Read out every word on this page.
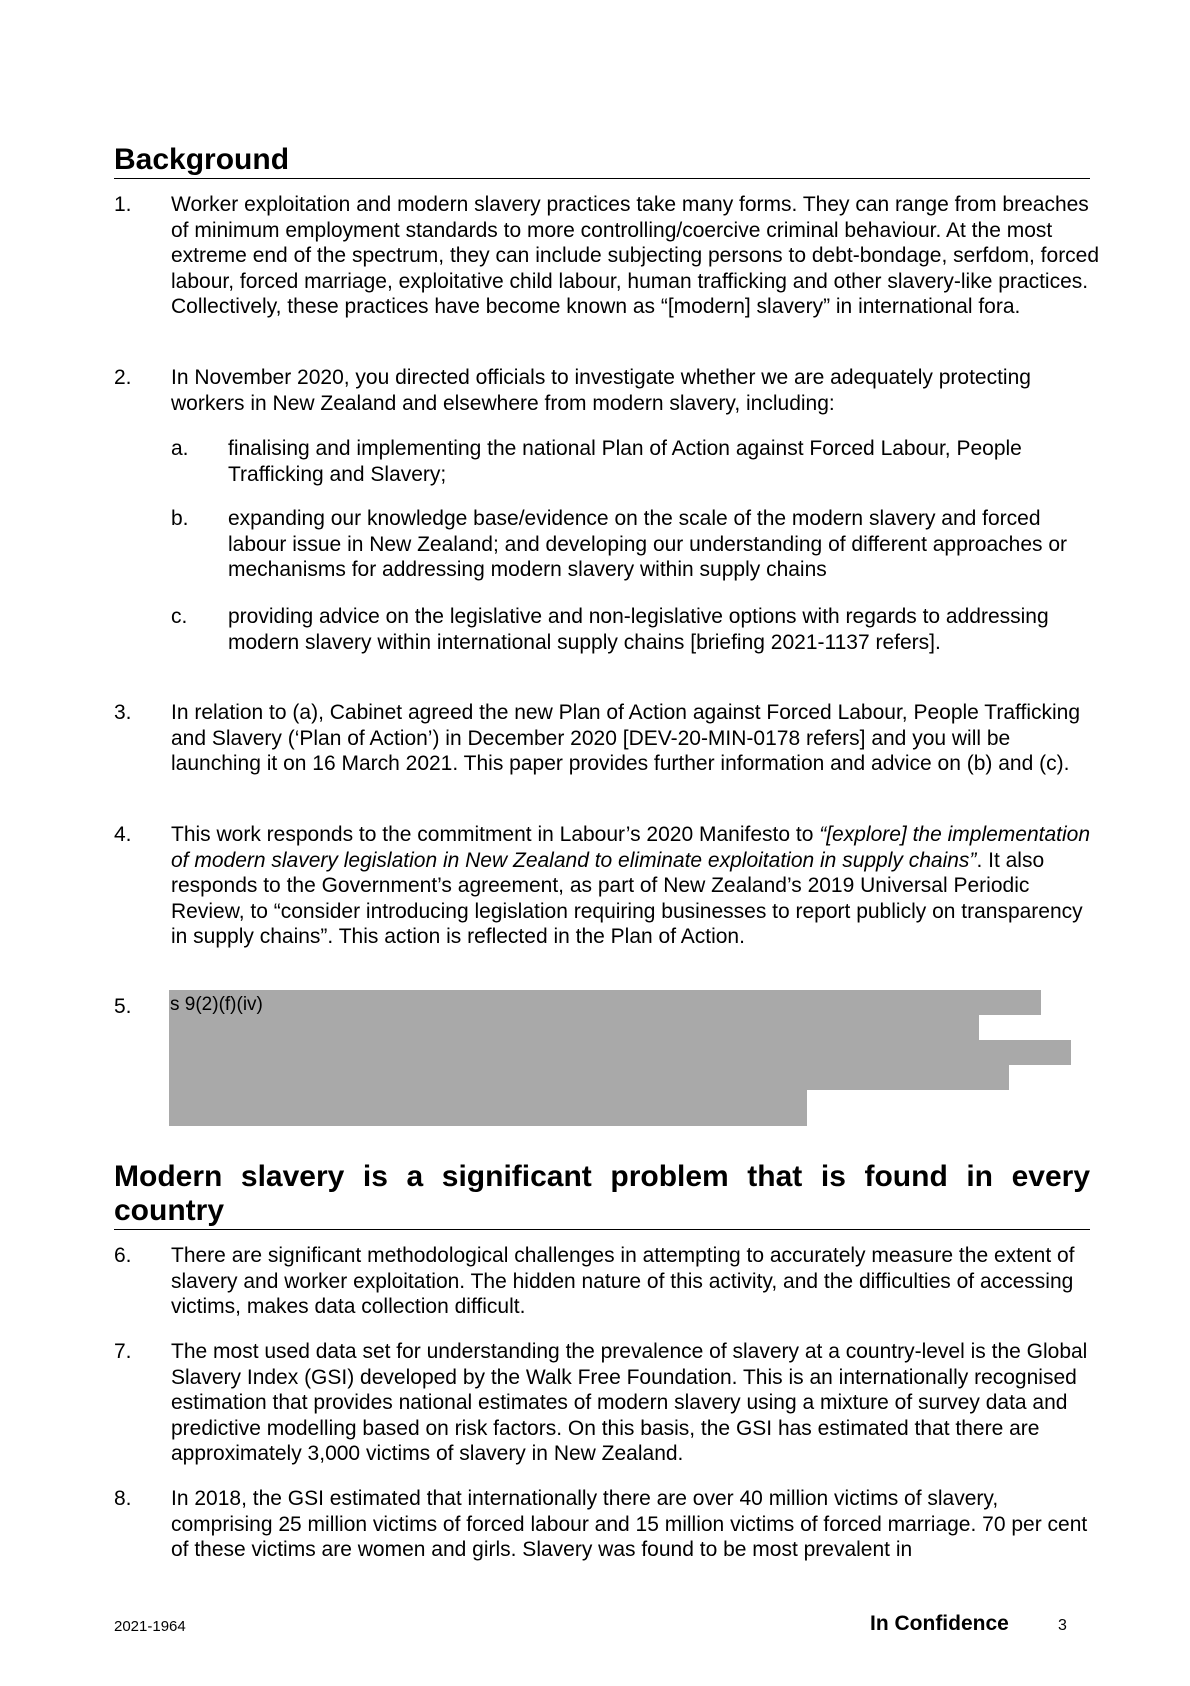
Background
1. Worker exploitation and modern slavery practices take many forms. They can range from breaches of minimum employment standards to more controlling/coercive criminal behaviour. At the most extreme end of the spectrum, they can include subjecting persons to debt-bondage, serfdom, forced labour, forced marriage, exploitative child labour, human trafficking and other slavery-like practices. Collectively, these practices have become known as “[modern] slavery” in international fora.
2. In November 2020, you directed officials to investigate whether we are adequately protecting workers in New Zealand and elsewhere from modern slavery, including:
a. finalising and implementing the national Plan of Action against Forced Labour, People Trafficking and Slavery;
b. expanding our knowledge base/evidence on the scale of the modern slavery and forced labour issue in New Zealand; and developing our understanding of different approaches or mechanisms for addressing modern slavery within supply chains
c. providing advice on the legislative and non-legislative options with regards to addressing modern slavery within international supply chains [briefing 2021-1137 refers].
3. In relation to (a), Cabinet agreed the new Plan of Action against Forced Labour, People Trafficking and Slavery (‘Plan of Action’) in December 2020 [DEV-20-MIN-0178 refers] and you will be launching it on 16 March 2021. This paper provides further information and advice on (b) and (c).
4. This work responds to the commitment in Labour’s 2020 Manifesto to “[explore] the implementation of modern slavery legislation in New Zealand to eliminate exploitation in supply chains”. It also responds to the Government’s agreement, as part of New Zealand’s 2019 Universal Periodic Review, to “consider introducing legislation requiring businesses to report publicly on transparency in supply chains”. This action is reflected in the Plan of Action.
5. s 9(2)(f)(iv)
Modern slavery is a significant problem that is found in every country
6. There are significant methodological challenges in attempting to accurately measure the extent of slavery and worker exploitation. The hidden nature of this activity, and the difficulties of accessing victims, makes data collection difficult.
7. The most used data set for understanding the prevalence of slavery at a country-level is the Global Slavery Index (GSI) developed by the Walk Free Foundation. This is an internationally recognised estimation that provides national estimates of modern slavery using a mixture of survey data and predictive modelling based on risk factors. On this basis, the GSI has estimated that there are approximately 3,000 victims of slavery in New Zealand.
8. In 2018, the GSI estimated that internationally there are over 40 million victims of slavery, comprising 25 million victims of forced labour and 15 million victims of forced marriage. 70 per cent of these victims are women and girls. Slavery was found to be most prevalent in
2021-1964	In Confidence	3
